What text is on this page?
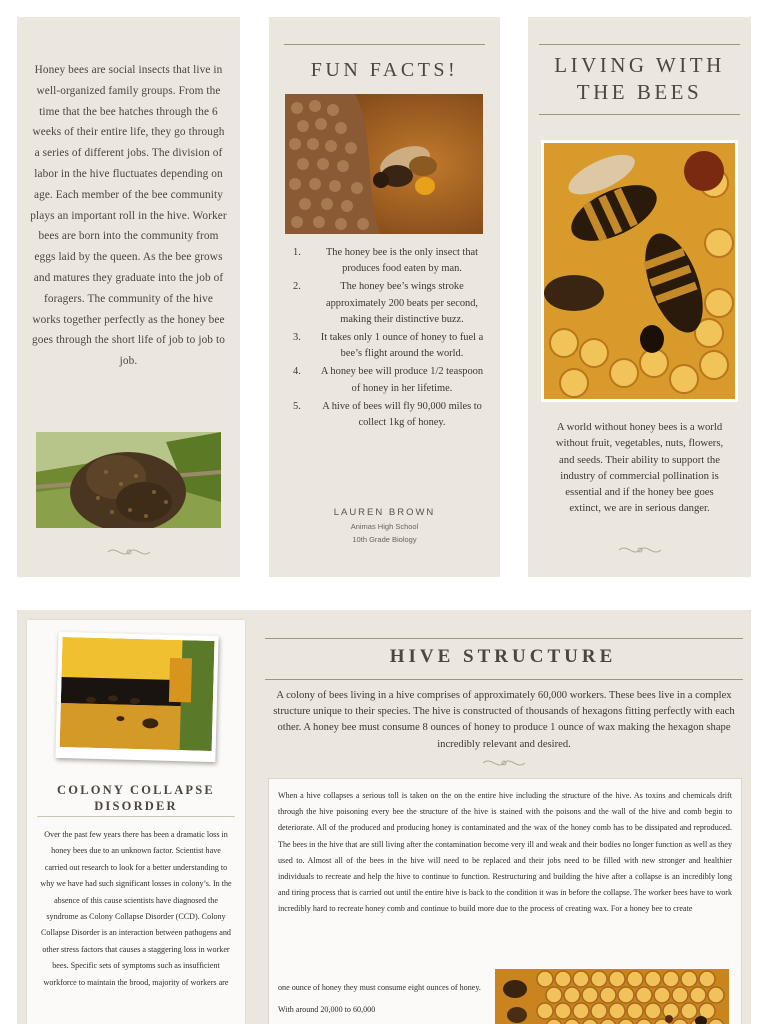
Honey bees are social insects that live in well-organized family groups. From the time that the bee hatches through the 6 weeks of their entire life, they go through a series of different jobs. The division of labor in the hive fluctuates depending on age. Each member of the bee community plays an important roll in the hive. Worker bees are born into the community from eggs laid by the queen. As the bee grows and matures they graduate into the job of foragers. The community of the hive works together perfectly as the honey bee goes through the short life of job to job to job.

FUN FACTS!
1.	The honey bee is the only insect that produces food eaten by man.
2.	The honey bee’s wings stroke approximately 200 beats per second, making their distinctive buzz.
3.	It takes only 1 ounce of honey to fuel a bee’s flight around the world.
4.	A honey bee will produce 1/2 teaspoon of honey in her lifetime.
5.	A hive of bees will fly 90,000 miles to collect 1kg of honey.
LAUREN BROWN
Animas High School
10th Grade Biology
LIVING WITH
THE BEES

A world without honey bees is a world without fruit, vegetables, nuts, flowers, and seeds. Their ability to support the industry of commercial pollination is essential and if the honey bee goes extinct, we are in serious danger.

COLONY COLLAPSE DISORDER

Over the past few years there has been a dramatic loss in honey bees due to an unknown factor. Scientist have carried out research to look for a better understanding to why we have had such significant losses in colony’s. In the absence of this cause scientists have diagnosed the syndrome as Colony Collapse Disorder (CCD). Colony Collapse Disorder is an interaction between pathogens and other stress factors that causes a staggering loss in worker bees. Specific sets of symptoms such as insufficient workforce to maintain the brood, majority of workers are

HIVE STRUCTURE

A colony of bees living in a hive comprises of approximately 60,000 workers. These bees live in a complex structure unique to their species. The hive is constructed of thousands of hexagons fitting perfectly with each other. A honey bee must consume 8 ounces of honey to produce 1 ounce of wax making the hexagon shape incredibly relevant and desired.

When a hive collapses a serious toll is taken on the on the entire hive including the structure of the hive. As toxins and chemicals drift through the hive poisoning every bee the structure of the hive is stained with the poisons and the wall of the hive and comb begin to deteriorate. All of the produced and producing honey is contaminated and the wax of the honey comb has to be dissipated and reproduced. The bees in the hive that are still living after the contamination become very ill and weak and their bodies no longer function as well as they used to. Almost all of the bees in the hive will need to be replaced and their jobs need to be filled with new stronger and healthier individuals to recreate and help the hive to continue to function. Restructuring and building the hive after a collapse is an incredibly long and tiring process that is carried out until the entire hive is back to the condition it was in before the collapse. The worker bees have to work incredibly hard to recreate honey comb and continue to build more due to the process of creating wax. For a honey bee to create

one ounce of honey they must consume eight ounces of honey. With around 20,000 to 60,000
